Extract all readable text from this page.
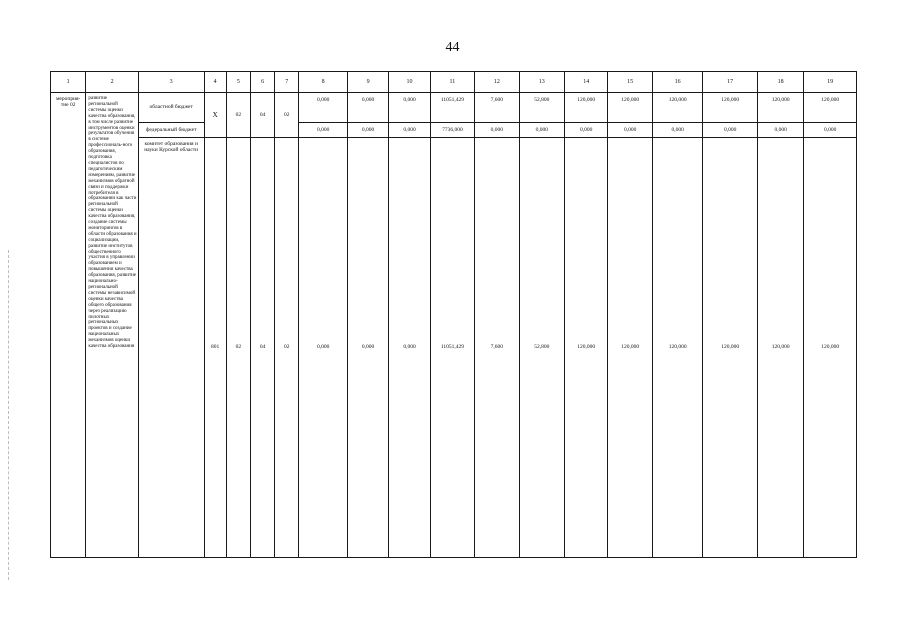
44
1	2	3	4	5	6	7	8	9	10	11	12	13	14	15	16	17	18	19
мероприя-
тие 02	развитие региональной системы оценки качества образования, в том числе развитие инструментов оценки результатов обучения в системе профессиональ-ного образования, подготовка специалистов по педагогическим измерениям, развитие механизмов обратной связи и поддержки потребителя в образовании как части региональной системы оценки качества образования, создание системы мониторингов в области образования и социализации, развитие институтов общественного участия в управлении образованием и повышении качества образования, развитие национально-региональной системы независимой оценки качества общего образования через реализацию пилотных региональных проектов и создание национальных механизмов оценки качества образования	областной бюджет	X	02	04	02	0,000	0,000	0,000	11051,429	7,600	52,800	120,000	120,000	120,000	120,000	120,000	120,000
		федеральный бюджет					0,000	0,000	0,000	7736,000	0,000	0,000	0,000	0,000	0,000	0,000	0,000	0,000
		комитет образования и науки Курской области	801	02	04	02	0,000	0,000	0,000	11051,429	7,600	52,800	120,000	120,000	120,000	120,000	120,000	120,000
